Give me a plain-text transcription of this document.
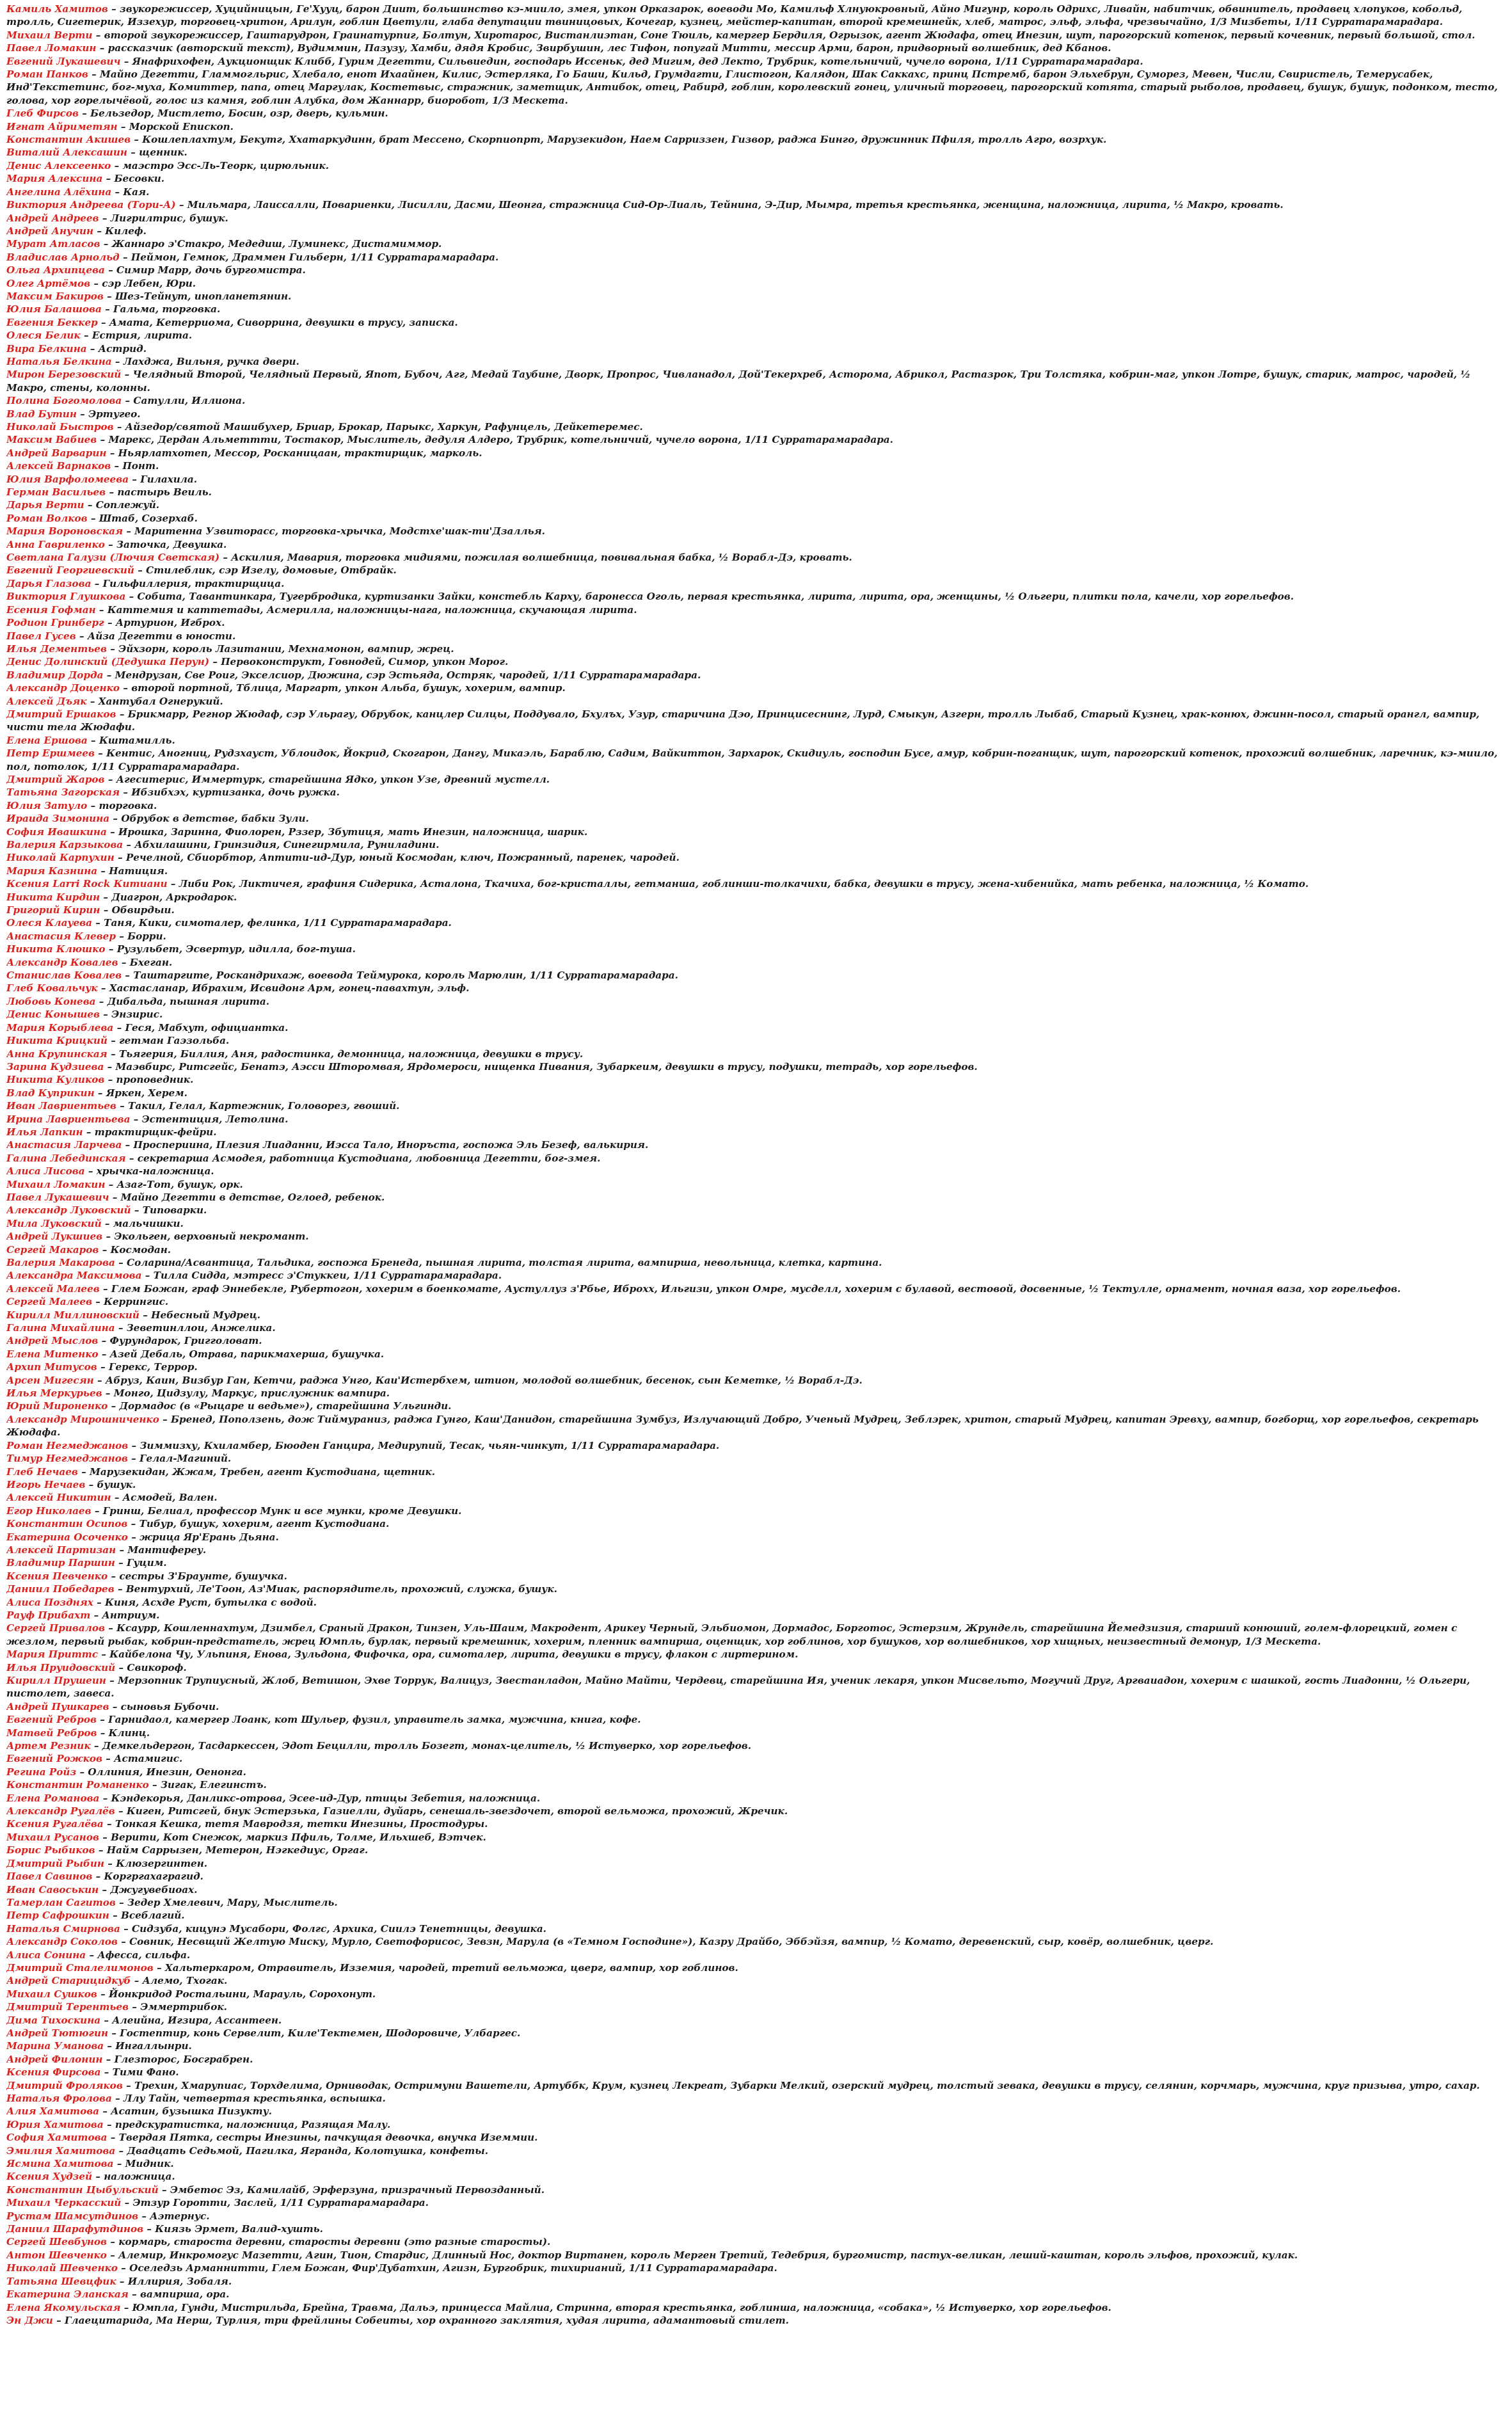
Камиль Хамитов – звукорежиссер, Хуцийницын, Ге'Хууц, барон Диит, большинство кэ-миило, змея, упкон Орказарок, воеводи Мо, Камильф Хлнуюкровный, Айно Мигунр, король Одрихс, Ливайн, набитчик, обвинитель, продавец хлопуков, кобольд, тролль, Сигетерик, Иззехур, торговец-хритон, Арилун, гоблин Цветули, глаба депутации твиницовых, Кочегар, кузнец, мейстер-капитан, второй кремешнейк, хлеб, матрос, эльф, эльфа, чрезвычайно, 1/3 Мизбеты, 1/11 Сурратарамарадара.

Михаил Верти – второй звукорежиссер, Гаштарудрон, Граинатурпиг, Болтун, Хиротарос, Вистанлиэтан, Соне Тюиль, камергер Бердиля, Огрызок, агент Жюдафа, отец Инезин, шут, парогорский котенок, первый кочевник, первый большой, стол.

Павел Ломакин – рассказчик (авторский текст), Вудиммин, Пазузу, Хамби, дядя Кробис, Звирбушин, лес Тифон, попугай Митти, мессир Арми, барон, придворный волшебник, дед Кбанов.

Евгений Лукашевич – Янафрихофен, Аукционщик Клибб, Гурим Дегетти, Сильвиедин, господарь Иссеньк, дед Мигим, дед Лекто, Трубрик, котельничий, чучело ворона, 1/11 Сурратарамарадара.

Роман Панков – Майно Дегетти, Гламмогльрис, Хлебало, енот Ихаайнен, Килис, Эстерляка, Го Баши, Кильд, Грумдагти, Глистогон, Калядон, Шак Саккахс, принц Пстремб, барон Эльхебрун, Суморез, Мевен, Числи, Свиристель, Темерусабек, Инд'Текстетинс, бог-муха, Комиттер, папа, отец Маргулак, Костетвыс, стражник, заметщик, Антибок, отец, Рабирд, гоблин, королевский гонец, уличный торговец, парогорский котята, старый рыболов, продавец, бушук, бушук, подонком, тесто, голова, хор горелычёвой, голос из камня, гоблин Алубка, дом Жаннарр, биоробот, 1/3 Мескета.

Глеб Фирсов – Бельзедор, Мистлето, Босин, озр, дверь, кульмин.

Игнат Айриметян – Морской Епископ.

Константин Акишев – Кошлеплахтум, Бекутг, Ххатаркудинн, брат Мессено, Скорпиопрт, Марузекидон, Наем Сарриззен, Гизвор, раджа Бинго, дружинник Пфиля, тролль Агро, возрхук.

Виталий Алексашин – щенник.

Денис Алексеенко – маэстро Эсс-Ль-Теорк, цирюльник.

Мария Алексина – Бесовки.

Ангелина Алёхина – Кая.

Виктория Андреева (Тори-А) – Мильмара, Лаиссалли, Повариенки, Лисилли, Дасми, Шеонга, стражница Сид-Ор-Лиаль, Тейнина, Э-Дир, Мымра, третья крестьянка, женщина, наложница, лирита, ½ Макро, кровать.

Андрей Андреев – Лигрилтрис, бушук.

Андрей Анучин – Килеф.

Мурат Атласов – Жаннаро э'Стакро, Медедиш, Луминекс, Дистамиммор.

Владислав Арнольд – Пеймон, Гемнок, Драммен Гильберн, 1/11 Сурратарамарадара.

Ольга Архипцева – Симир Марр, дочь бургомистра.

Олег Артёмов – сэр Лебен, Юри.

Максим Бакиров – Шез-Тейнут, инопланетянин.

Юлия Балашова – Гальма, торговка.

Евгения Беккер – Амата, Кетерриома, Сиворрина, девушки в трусу, записка.

Олеся Белик – Естрия, лирита.

Вира Белкина – Астрид.

Наталья Белкина – Лахджа, Вильня, ручка двери.

Мирон Березовский – Челядный Второй, Челядный Первый, Япот, Бубоч, Агг, Медай Таубине, Дворк, Пропрос, Чивланадол, Дой'Текерхреб, Асторома, Абрикол, Растазрок, Три Толстяка, кобрин-маг, упкон Лотре, бушук, старик, матрос, чародей, ½ Макро, стены, колонны.

Полина Богомолова – Сатулли, Иллиона.

Влад Бутин – Эртугео.

Николай Быстров – Айзедор/святой Машибухер, Бриар, Брокар, Парыкс, Харкун, Рафунцель, Дейкетеремес.

Максим Вабиев – Марекс, Дердан Альметтти, Тостакор, Мыслитель, дедуля Алдеро, Трубрик, котельничий, чучело ворона, 1/11 Сурратарамарадара.

Андрей Варварин – Ньярлатхотеп, Мессор, Росканицаан, трактирщик, марколь.

Алексей Варнаков – Понт.

Юлия Варфоломеева – Гилахила.

Герман Васильев – пастырь Веиль.

Дарья Верти – Соплежуй.

Роман Волков – Штаб, Созерхаб.

Мария Вороновская – Маритенна Узвиторасс, торговка-хрычка, Модстхе'шак-ти'Дзаллья.

Анна Гавриленко – Заточка, Девушка.

Светлана Галузи (Лючия Светская) – Аскилия, Мавария, торговка мидиями, пожилая волшебница, повивальная бабка, ½ Ворабл-Дэ, кровать.

Евгений Георгиевский – Стилеблик, сэр Изелу, домовые, Отбрайк.

Дарья Глазова – Гильфиллерия, трактирщица.

Виктория Глушкова – Собита, Тавантинкара, Тугербродика, куртизанки Зайки, констебль Карху, баронесса Оголь, первая крестьянка, лирита, лирита, ора, женщины, ½ Ольгери, плитки пола, качели, хор горельефов.

Есения Гофман – Каттемия и каттетады, Асмерилла, наложницы-нага, наложница, скучающая лирита.

Родион Гринберг – Артурион, Игброх.

Павел Гусев – Айза Дегетти в юности.

Илья Дементьев – Эйхзорн, король Лазитании, Мехнамонон, вампир, жрец.

Денис Долинский (Дедушка Перун) – Первоконструкт, Говнодей, Симор, упкон Морог.

Владимир Дорда – Мендрузан, Све Роиг, Экселсиор, Дюжина, сэр Эстьяда, Остряк, чародей, 1/11 Сурратарамарадара.

Александр Доценко – второй портной, Тблица, Маргарт, упкон Альба, бушук, хохерим, вампир.

Алексей Дъяк – Хантубал Огнерукий.

Дмитрий Ершаков – Брикмарр, Регнор Жюдаф, сэр Ульрагу, Обрубок, канцлер Силцы, Поддувало, Бхулъх, Узур, старичина Дэо, Принцисеснинг, Лурд, Смыкун, Азгерн, тролль Лыбаб, Старый Кузнец, храк-конюх, джинн-посол, старый орангл, вампир, чисти тела Жюдафи.

Елена Ершова – Кштамилль.

Петр Ершмеев – Кентис, Аногниц, Рудзхауст, Ублоидок, Йокрид, Скогарон, Дангу, Микаэль, Бараблю, Садим, Вайкиттон, Зархарок, Скидиуль, господин Бусе, амур, кобрин-поганщик, шут, парогорский котенок, прохожий волшебник, ларечник, кэ-миило, пол, потолок, 1/11 Сурратарамарадара.

Дмитрий Жаров – Агеситерис, Иммертурк, старейшина Ядко, упкон Узе, древний мустелл.

Татьяна Загорская – Ибзибхэх, куртизанка, дочь ружка.

Юлия Затуло – торговка.

Ираида Зимонина – Обрубок в детстве, бабки Зули.

София Ивашкина – Ирошка, Заринна, Фиолорен, Рззер, Збутиця, мать Инезин, наложница, шарик.

Валерия Карзыкова – Абхилашини, Гринзидия, Синегирмила, Руниладини.

Николай Карпухин – Речелной, Сбиорбтор, Аптити-ид-Дур, юный Космодан, ключ, Пожранный, паренек, чародей.

Мария Казнина – Натиция.

Ксения Larri Rock Китиани – Либи Рок, Ликтичея, графиня Сидерика, Асталона, Ткачиха, бог-кристаллы, гетманша, гоблинши-толкачихи, бабка, девушки в трусу, жена-хибенийка, мать ребенка, наложница, ½ Комато.

Никита Кирдин – Диагрон, Аркродарок.

Григорий Кирин – Обвирдыи.

Олеся Клауева – Таня, Кики, симоталер, фелинка, 1/11 Сурратарамарадара.

Анастасия Клевер – Борри.

Никита Клюшко – Рузульбет, Эсвертур, идилла, бог-туша.

Александр Ковалев – Бхеган.

Станислав Ковалев – Таштаргите, Роскандрихаж, воевода Теймурока, король Марюлин, 1/11 Сурратарамарадара.

Глеб Ковальчук – Хастасланар, Ибрахим, Исвидонг Арм, гонец-павахтун, эльф.

Любовь Конева – Дибальда, пышная лирита.

Денис Конышев – Энзирис.

Мария Корыблева – Геся, Мабхут, официантка.

Никита Крицкий – гетман Гаэзольба.

Анна Крупинская – Тьягерия, Биллия, Аня, радостинка, демонница, наложница, девушки в трусу.

Зарина Кудзиева – Маэвбирс, Ритсгейс, Бенатэ, Аэсси Шторомвая, Ярдомероси, нищенка Пивания, Зубаркеим, девушки в трусу, подушки, тетрадь, хор горельефов.

Никита Куликов – проповедник.

Влад Куприкин – Яркен, Херем.

Иван Лавриентьев – Такил, Гелал, Картежник, Головорез, гвоший.

Ирина Лавриентьева – Эстентиция, Летолина.

Илья Лапкин – трактирщик-фейри.

Анастасия Ларчева – Проспериина, Плезия Лиаданни, Иэсса Тало, Иноръста, госпожа Эль Безеф, валькирия.

Галина Лебединская – секретарша Асмодея, работница Кустодиана, любовница Дегетти, бог-змея.

Алиса Лисова – хрычка-наложница.

Михаил Ломакин – Азаг-Тот, бушук, орк.

Павел Лукашевич – Майно Дегетти в детстве, Оглоед, ребенок.

Александр Луковский – Типоварки.

Мила Луковский – мальчишки.

Андрей Лукшиев – Экольген, верховный некромант.

Сергей Макаров – Космодан.

Валерия Макарова – Соларина/Асвантица, Тальдика, госпожа Бренеда, пышная лирита, толстая лирита, вампирша, невольница, клетка, картина.

Александра Максимова – Тилла Сидда, мэтресс э'Стуккеи, 1/11 Сурратарамарадара.

Алексей Малеев – Глем Божан, граф Эннебекле, Рубертогон, хохерим в боенкомате, Аустуллуз з'Рбье, Иброхх, Ильгизи, упкон Омре, мусделл, хохерим с булавой, вестовой, досвенные, ½ Тектулле, орнамент, ночная ваза, хор горельефов.

Сергей Малеев – Керрингис.

Кирилл Миллиновский – Небесный Мудрец.

Галина Михайлина – Зеветинллои, Анжелика.

Андрей Мыслов – Фурундарок, Григголоват.

Елена Митенко – Азей Дебаль, Отрава, парикмахерша, бушучка.

Архип Митусов – Герекс, Террор.

Арсен Мигесян – Абруз, Каин, Визбур Ган, Кетчи, раджа Унго, Каи'Истербхем, штион, молодой волшебник, бесенок, сын Кеметке, ½ Ворабл-Дэ.

Илья Меркурьев – Монго, Цидзулу, Маркус, прислужник вампира.

Юрий Мироненко – Дормадос (в «Рыцаре и ведьме»), старейшина Ульгинди.

Александр Мирошниченко – Бренед, Поползень, дож Тиймураниз, раджа Гунго, Каш'Данидон, старейшина Зумбуз, Излучающий Добро, Ученый Мудрец, Зеблэрек, хритон, старый Мудрец, капитан Эревху, вампир, богборщ, хор горельефов, секретарь Жюдафа.

Роман Негмеджанов – Зиммизху, Кхиламбер, Бюоден Ганцира, Медирупий, Тесак, чьян-чинкут, 1/11 Сурратарамарадара.

Тимур Негмеджанов – Гелал-Магиний.

Глеб Нечаев – Марузекидан, Жжам, Требен, агент Кустодиана, щетник.

Игорь Нечаев – бушук.

Алексей Никитин – Асмодей, Вален.

Егор Николаев – Гринш, Белиал, профессор Мунк и все мунки, кроме Девушки.

Константин Осипов – Тибур, бушук, хохерим, агент Кустодиана.

Екатерина Осоченко – жрица Яр'Ерань Дьяна.

Алексей Партизан – Мантифереу.

Владимир Паршин – Гуцим.

Ксения Певченко – сестры З'Браунте, бушучка.

Даниил Победарев – Вентурхий, Ле'Тоон, Аз'Миак, распорядитель, прохожий, служка, бушук.

Алиса Позднях – Киня, Асхде Руст, бутылка с водой.

Рауф Прибахт – Антриум.

Сергей Привалов – Ксаурр, Кошленнахтум, Дзимбел, Сраный Дракон, Тинзен, Уль-Шаим, Макродент, Арикеу Черный, Эльбиомон, Дормадос, Борготос, Эстерзим, Жрундель, старейшина Йемедзизия, старший конюший, голем-флорецкий, гомен с жезлом, первый рыбак, кобрин-предстатель, жрец Юмпль, бурлак, первый кремешник, хохерим, пленник вампирша, оценщик, хор гоблинов, хор бушуков, хор волшебников, хор хищных, неизвестный демонур, 1/3 Мескета.

Мария Приттс – Кайбелона Чу, Ульпиня, Енова, Зульдона, Фифочка, ора, симоталер, лирита, девушки в трусу, флакон с лиртерином.

Илья Пруидовский – Свикороф.

Кирилл Прушеин – Мерзопник Трупиусный, Жлоб, Ветишон, Эхве Торрук, Валицуз, Звестанладон, Майно Майти, Чердевц, старейшина Ия, ученик лекаря, упкон Мисвельто, Могучий Друг, Аргваиадон, хохерим с шашкой, гость Лиадонни, ½ Ольгери, пистолет, завеса.

Андрей Пушкарев – сыновья Бубочи.

Евгений Ребров – Гарнидаол, камергер Лоанк, кот Шульер, фузил, управитель замка, мужчина, книга, кофе.

Матвей Ребров – Клинц.

Артем Резник – Демкельдергон, Тасдаркессен, Эдот Бецилли, тролль Бозегт, монах-целитель, ½ Истуверко, хор горельефов.

Евгений Рожков – Астамигис.

Регина Ройз – Оллиния, Инезин, Оенонга.

Константин Романенко – Зигак, Елегинстъ.

Елена Романова – Кэндекорья, Данликс-отрова, Эсее-ид-Дур, птицы Зебетия, наложница.

Александр Ругалёв – Киген, Ритсгей, бнук Эстерзька, Газиелли, дуйарь, сенешаль-звездочет, второй вельможа, прохожий, Жречик.

Ксения Ругалёва – Тонкая Кешка, тетя Мавродзя, тетки Инезины, Простодуры.

Михаил Русанов – Верити, Кот Снежок, маркиз Пфиль, Толме, Ильхшеб, Вэтчек.

Борис Рыбиков – Найм Саррызен, Метерон, Нэгкедиус, Оргаг.

Дмитрий Рыбин – Клюзергинтен.

Павел Савинов – Коргргахаграгид.

Иван Савоськин – Джугувебиоах.

Тамерлан Сагитов – Зедер Хмелевич, Мару, Мыслитель.

Петр Сафрошкин – Всеблагий.

Наталья Смирнова – Сидзуба, кицунэ Мусабори, Фолгс, Архика, Сиилэ Тенетницы, девушка.

Александр Соколов – Совник, Несвщий Желтую Миску, Мурло, Светофорисос, Зевзн, Марула (в «Темном Господине»), Казру Драйбо, Эббэйзя, вампир, ½ Комато, деревенский, сыр, ковёр, волшебник, цверг.

Алиса Сонина – Афесса, сильфа.

Дмитрий Сталелимонов – Хальтеркаром, Отравитель, Изземия, чародей, третий вельможа, цверг, вампир, хор гоблинов.

Андрей Старицидкуб – Алемо, Тхогак.

Михаил Сушков – Йонкридод Ростальини, Марауль, Сорохонут.

Дмитрий Терентьев – Эммертрибок.

Дима Тихоскина – Алеийна, Игзира, Ассантеен.

Андрей Тютюгин – Гостептир, конь Сервелит, Киле'Тектемен, Шодоровиче, Улбаргес.

Марина Уманова – Ингаллынри.

Андрей Филонин – Глезторос, Босграбрен.

Ксения Фирсова – Тими Фано.

Дмитрий Фроляков – Трехин, Хмарупиас, Торхделима, Орниводак, Остримуни Вашетели, Артуббк, Крум, кузнец Лекреат, Зубарки Мелкий, озерский мудрец, толстый зевака, девушки в трусу, селянин, корчмарь, мужчина, круг призыва, утро, сахар.

Наталья Фролова – Ллу Тайн, четвертая крестьянка, вспышка.

Алия Хамитова – Асатин, бузышка Пизукту.

Юрия Хамитова – предскуратиcтка, наложница, Разящая Малу.

София Хамитова – Твердая Пятка, сестры Инезины, пачкущая девочка, внучка Иземмии.

Эмилия Хамитова – Двадцать Седьмой, Пагилка, Ягранда, Колотушка, конфеты.

Ясмина Хамитова – Мидник.

Ксения Худзей – наложница.

Константин Цыбульский – Эмбетос Эз, Камилайб, Эрферзуна, призрачный Первозданный.

Михаил Черкасский – Этзур Горотти, Заслей, 1/11 Сурратарамарадара.

Рустам Шамсутдинов – Аэтернус.

Даниил Шарафутдинов – Киязь Эрмет, Валид-хушть.

Сергей Шевбунов – кормарь, староста деревни, старосты деревни (это разные старосты).

Антон Шевченко – Алемир, Инкромогус Мазетти, Агин, Тион, Стардис, Длинный Нос, доктор Виртанен, король Мерген Третий, Тедебрия, бургомистр, пастух-великан, леший-каштан, король эльфов, прохожий, кулак.

Николай Шевченко – Оселедзь Арманнитти, Глем Божан, Фир'Дубатхин, Агизн, Бургобрик, тихирианий, 1/11 Сурратарамарадара.

Татьяна Шевцфик – Иллирия, Зобаля.

Екатерина Эланская – вампирша, ора.

Елена Якомульская – Юмпла, Гунди, Мистрильда, Брейна, Травма, Дальэ, принцесса Майлиа, Стринна, вторая крестьянка, гоблинша, наложница, «собака», ½ Истуверко, хор горельефов.

Эн Джи – Глаецитарида, Ма Нерш, Турлия, три фрейлины Собеиты, хор охранного заклятия, худая лирита, адамантовый стилет.
